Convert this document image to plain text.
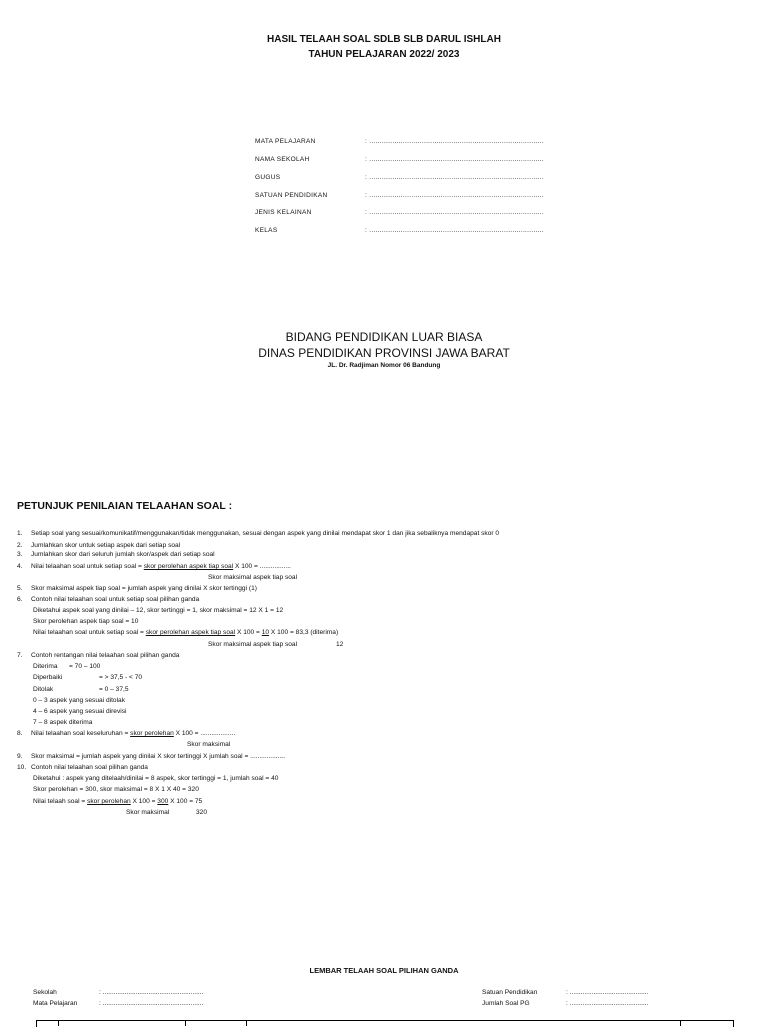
HASIL TELAAH SOAL SDLB SLB DARUL ISHLAH
TAHUN PELAJARAN 2022/ 2023
MATA PELAJARAN	: ...................................................................................
NAMA SEKOLAH	: ...................................................................................
GUGUS	: ...................................................................................
SATUAN PENDIDIKAN	: ...................................................................................
JENIS KELAINAN	: ...................................................................................
KELAS	: ...................................................................................
BIDANG PENDIDIKAN LUAR BIASA
DINAS PENDIDIKAN PROVINSI JAWA BARAT
JL. Dr. Radjiman Nomor 06 Bandung
PETUNJUK PENILAIAN TELAAHAN SOAL :
1. Setiap soal yang sesuai/komunikatif/menggunakan/tidak menggunakan, sesuai dengan aspek yang dinilai mendapat skor 1 dan jika sebaliknya mendapat skor 0
2. Jumlahkan skor untuk setiap aspek dari setiap soal
3. Jumlahkan skor dari seluruh jumlah skor/aspek dari setiap soal
4. Nilai telaahan soal untuk setiap soal = skor perolehan aspek tiap soal X 100 = .................
Skor maksimal aspek tiap soal
5. Skor maksimal aspek tiap soal = jumlah aspek yang dinilai X skor tertinggi (1)
6. Contoh nilai telaahan soal untuk setiap soal pilihan ganda
Diketahui aspek soal yang dinilai – 12, skor tertinggi = 1, skor maksimal = 12 X 1 = 12
Skor perolehan aspek tiap soal = 10
Nilai telaahan soal untuk setiap soal = skor perolehan aspek tiap soal X 100 = 10 X 100 = 83,3 (diterima)
Skor maksimal aspek tiap soal	12
7. Contoh rentangan nilai telaahan soal pilihan ganda
Diterima = 70 – 100
Diperbaiki	= > 37,5 - < 70
Ditolak	= 0 – 37,5
0 – 3 aspek yang sesuai ditolak
4 – 6 aspek yang sesuai direvisi
7 – 8 aspek diterima
8. Nilai telaahan soal keseluruhan = skor perolehan X 100 = ...................
Skor maksimal
9. Skor maksimal = jumlah aspek yang dinilai X skor tertinggi X jumlah soal = ...................
10. Contoh nilai telaahan soal pilihan ganda
Diketahui : aspek yang ditelaah/dinilai = 8 aspek, skor tertinggi = 1, jumlah soal = 40
Skor perolehan = 300, skor maksimal = 8 X 1 X 40 = 320
Nilai telaah soal = skor perolehan X 100 = 300 X 100 = 75
Skor maksimal	320
LEMBAR TELAAH SOAL PILIHAN GANDA
Sekolah	: .......................................................
Mata Pelajaran	: .......................................................
Satuan Pendidikan	: ...........................................
Jumlah Soal PG	: ...........................................
